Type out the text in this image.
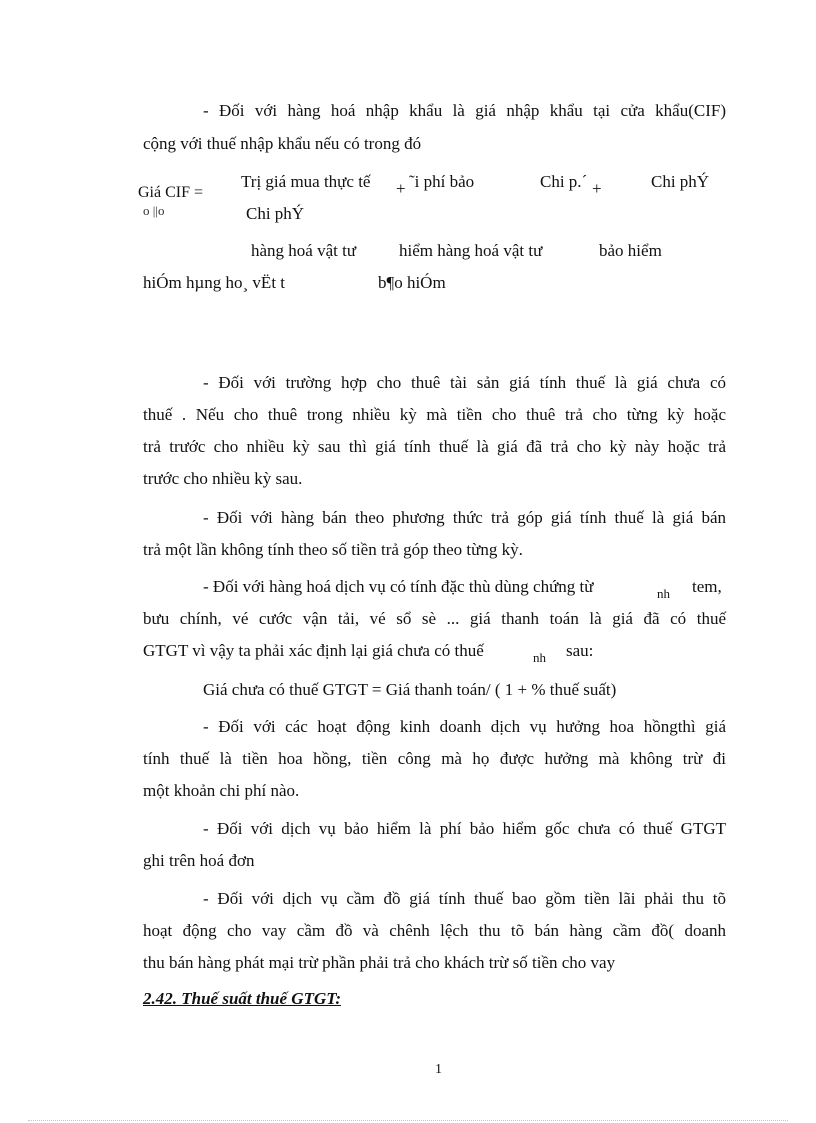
- Đối với hàng hoá nhập khẩu là giá nhập khẩu tại cửa khẩu(CIF)
cộng với thuế nhập khẩu nếu có trong đó
Giá CIF =
o ||o
Trị giá mua thực tế + ˜i phí bảo	Chi p.´ +	Chi phÝ
Chi phÝ
hàng hoá vật tư	hiểm hàng hoá vật tư	bảo hiểm
hiÓm hµng ho¸ vËt t	b¶o hiÓm
- Đối với trường hợp cho thuê tài sản giá tính thuế là giá chưa có
thuế . Nếu cho thuê trong nhiều kỳ mà tiền cho thuê trả cho từng kỳ hoặc
trả trước cho nhiều kỳ sau thì giá tính thuế là giá đã trả cho kỳ này hoặc trả
trước cho nhiều kỳ sau.
- Đối với hàng bán theo phương thức trả góp giá tính thuế là giá bán
trả một lần không tính theo số tiền trả góp theo từng kỳ.
- Đối với hàng hoá dịch vụ có tính đặc thù dùng chứng từ	nh tem,
bưu chính, vé cước vận tải, vé sổ sè ... giá thanh toán là giá đã có thuế
GTGT vì vậy ta phải xác định lại giá chưa có thuế	nh sau:
Giá chưa có thuế GTGT = Giá thanh toán/ ( 1 + % thuế suất)
- Đối với các hoạt động kinh doanh dịch vụ hưởng hoa hồngthì giá
tính thuế là tiền hoa hồng, tiền công mà họ được hưởng mà không trừ đi
một khoản chi phí nào.
- Đối với dịch vụ bảo hiểm là phí bảo hiểm gốc chưa có thuế GTGT
ghi trên hoá đơn
- Đối với dịch vụ cầm đồ giá tính thuế bao gồm tiền lãi phải thu tõ
hoạt động cho vay cầm đồ và chênh lệch thu tõ bán hàng cầm đồ( doanh
thu bán hàng phát mại trừ phần phải trả cho khách trừ số tiền cho vay
2.42. Thuế suất thuế GTGT:
1
